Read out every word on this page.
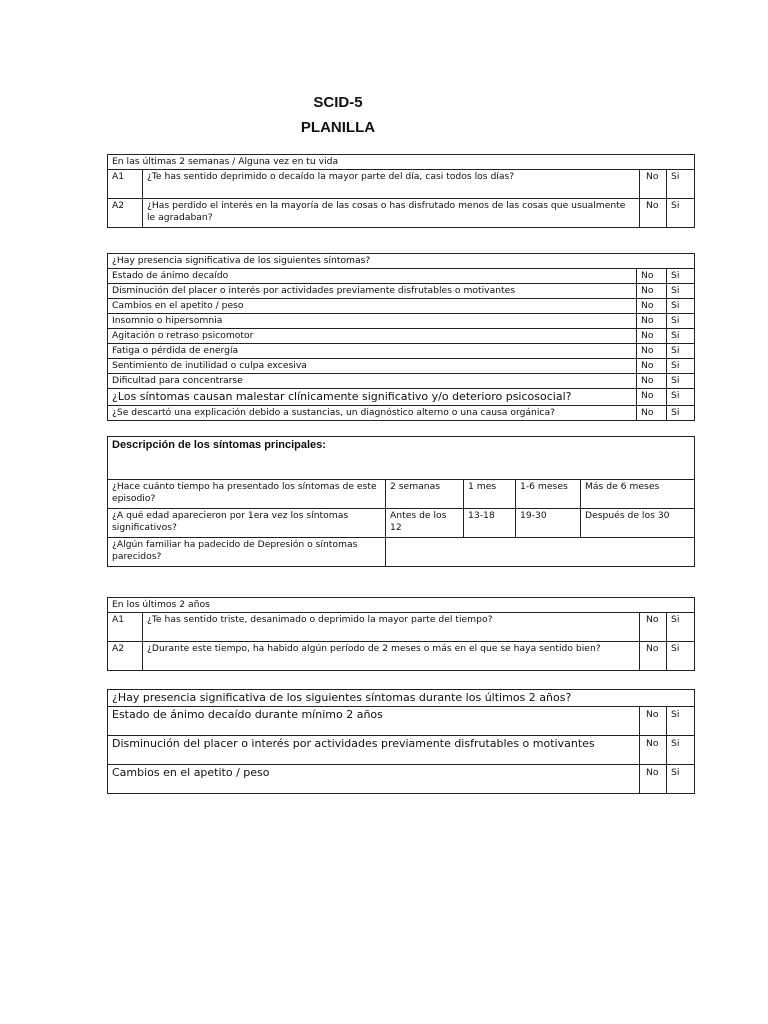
SCID-5
PLANILLA
En las últimas 2 semanas / Alguna vez en tu vida			
A1	¿Te has sentido deprimido o decaído la mayor parte del día, casi todos los días?	No	Si
A2	¿Has perdido el interés en la mayoría de las cosas o has disfrutado menos de las cosas que usualmente le agradaban?	No	Si
¿Hay presencia significativa de los siguientes síntomas?		
Estado de ánimo decaído	No	Si
Disminución del placer o interés por actividades previamente disfrutables o motivantes	No	Si
Cambios en el apetito / peso	No	Si
Insomnio o hipersomnia	No	Si
Agitación o retraso psicomotor	No	Si
Fatiga o pérdida de energía	No	Si
Sentimiento de inutilidad o culpa excesiva	No	Si
Dificultad para concentrarse	No	Si
¿Los síntomas causan malestar clínicamente significativo y/o deterioro psicosocial?	No	Si
¿Se descartó una explicación debido a sustancias, un diagnóstico alterno o una causa orgánica?	No	Si
Descripción de los síntomas principales:				
¿Hace cuánto tiempo ha presentado los síntomas de este episodio?	2 semanas	1 mes	1-6 meses	Más de 6 meses
¿A qué edad aparecieron por 1era vez los síntomas significativos?	Antes de los 12	13-18	19-30	Después de los 30
¿Algún familiar ha padecido de Depresión o síntomas parecidos?				
En los últimos 2 años			
A1	¿Te has sentido triste, desanimado o deprimido la mayor parte del tiempo?	No	Si
A2	¿Durante este tiempo, ha habido algún período de 2 meses o más en el que se haya sentido bien?	No	Si
¿Hay presencia significativa de los siguientes síntomas durante los últimos 2 años?		
Estado de ánimo decaído durante mínimo 2 años	No	Si
Disminución del placer o interés por actividades previamente disfrutables o motivantes	No	Si
Cambios en el apetito / peso	No	Si
